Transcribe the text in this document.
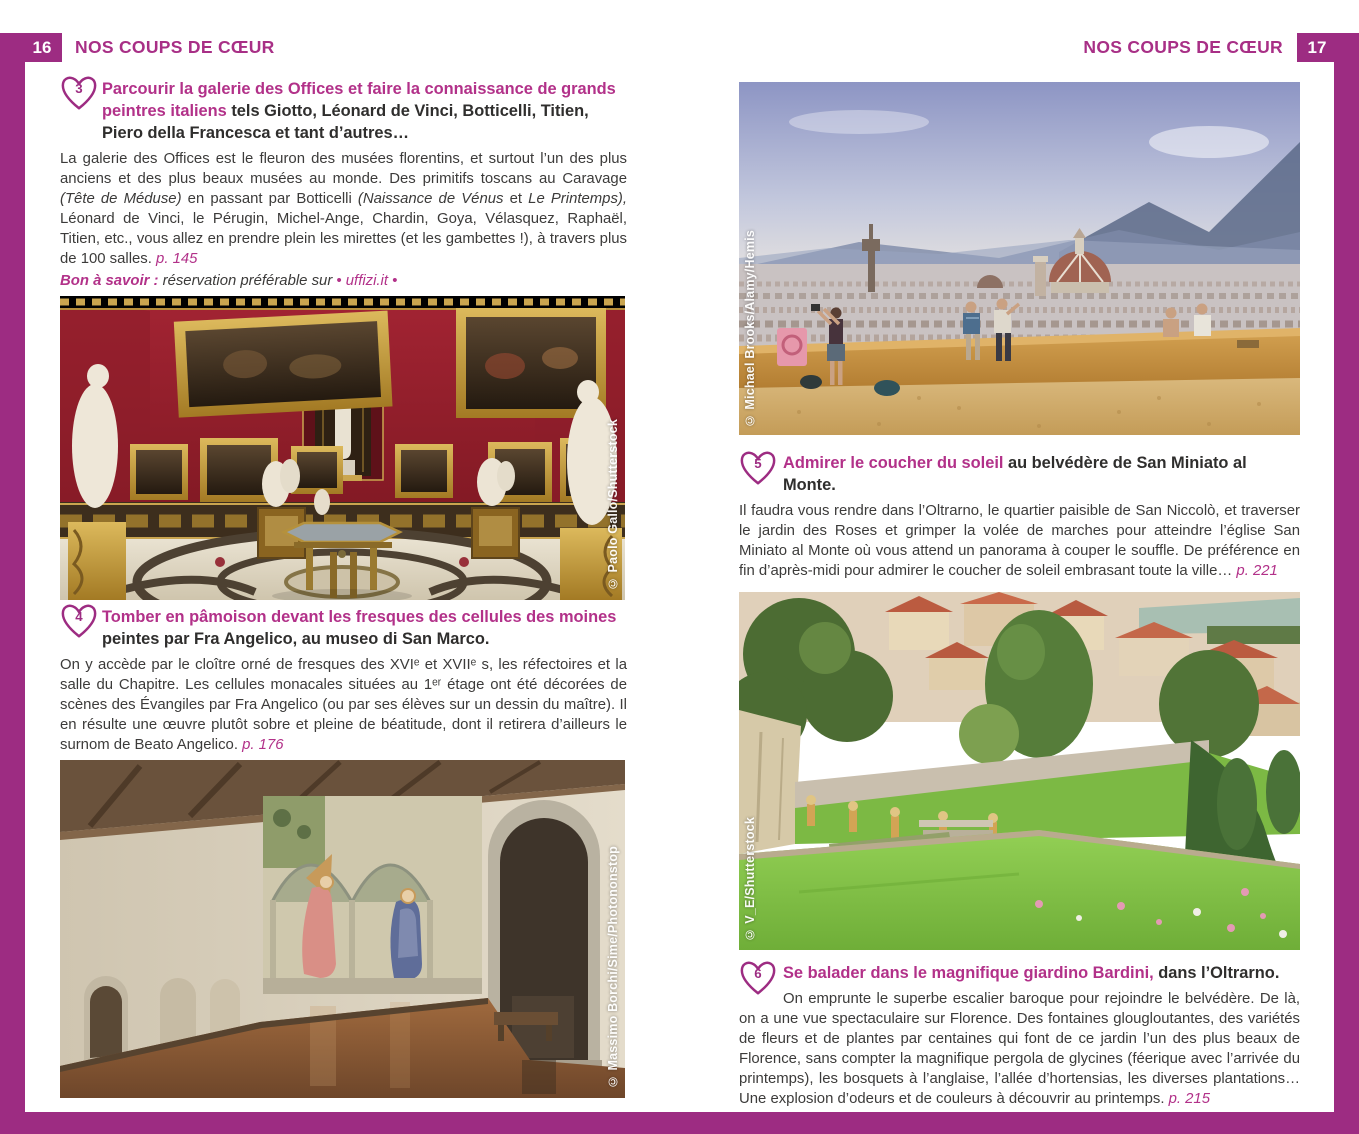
16	17
NOS COUPS DE CŒUR	NOS COUPS DE CŒUR
3	Parcourir la galerie des Offices et faire la connaissance de grands peintres italiens tels Giotto, Léonard de Vinci, Botticelli, Titien, Piero della Francesca et tant d’autres…

La galerie des Offices est le fleuron des musées florentins, et surtout l’un des plus anciens et des plus beaux musées au monde. Des primitifs toscans au Caravage (Tête de Méduse) en passant par Botticelli (Naissance de Vénus et Le Printemps), Léonard de Vinci, le Pérugin, Michel-Ange, Chardin, Goya, Vélasquez, Raphaël, Titien, etc., vous allez en prendre plein les mirettes (et les gambettes !), à travers plus de 100 salles. p. 145

Bon à savoir : réservation préférable sur • uffizi.it •

© Paolo Gallo/Shutterstock
4	Tomber en pâmoison devant les fresques des cellules des moines peintes par Fra Angelico, au museo di San Marco.

On y accède par le cloître orné de fresques des XVIᵉ et XVIIᵉ s, les réfectoires et la salle du Chapitre. Les cellules monacales situées au 1ᵉʳ étage ont été décorées de scènes des Évangiles par Fra Angelico (ou par ses élèves sur un dessin du maître). Il en résulte une œuvre plutôt sobre et pleine de béatitude, dont il retirera d’ailleurs le surnom de Beato Angelico. p. 176

© Massimo Borchi/Sime/Photononstop
© Michael Brooks/Alamy/Hemis
5	Admirer le coucher du soleil au belvédère de San Miniato al Monte.

Il faudra vous rendre dans l’Oltrarno, le quartier paisible de San Niccolò, et traverser le jardin des Roses et grimper la volée de marches pour atteindre l’église San Miniato al Monte où vous attend un panorama à couper le souffle. De préférence en fin d’après-midi pour admirer le coucher de soleil embrasant toute la ville… p. 221

© V_E/Shutterstock
6	Se balader dans le magnifique giardino Bardini, dans l’Oltrarno.

On emprunte le superbe escalier baroque pour rejoindre le belvédère. De là, on a une vue spectaculaire sur Florence. Des fontaines glougloutantes, des variétés de fleurs et de plantes par centaines qui font de ce jardin l’un des plus beaux de Florence, sans compter la magnifique pergola de glycines (féerique avec l’arrivée du printemps), les bosquets à l’anglaise, l’allée d’hortensias, les diverses plantations… Une explosion d’odeurs et de couleurs à découvrir au printemps. p. 215
